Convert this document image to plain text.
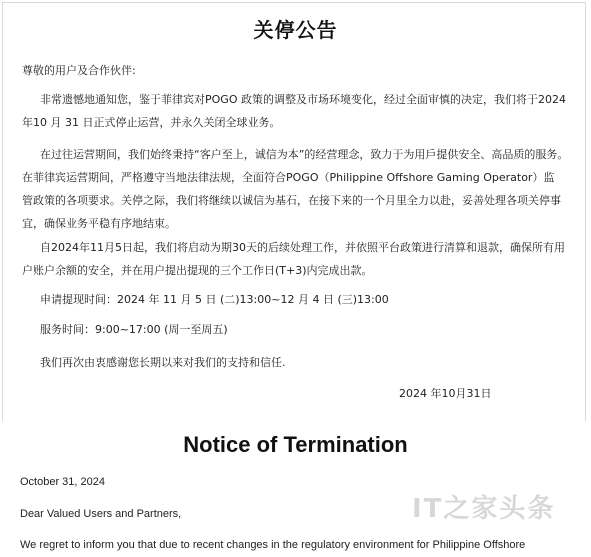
关停公告
尊敬的用户及合作伙伴:
非常遗憾地通知您，鉴于菲律宾对POGO 政策的调整及市场环境变化，经过全面审慎的决定，我们将于2024
年10 月 31 日正式停止运营，并永久关闭全球业务。
在过往运营期间，我们始终秉持“客户至上，诚信为本”的经营理念，致力于为用戶提供安全、高品质的服务。
在菲律宾运营期间，严格遵守当地法律法规，全面符合POGO（Philippine Offshore Gaming Operator）监
管政策的各项要求。关停之际，我们将继续以诚信为基石，在接下来的一个月里全力以赴，妥善处理各项关停事
宜，确保业务平稳有序地结束。
自2024年11月5日起，我们将启动为期30天的后续处理工作，并依照平台政策进行清算和退款，确保所有用
户账户余额的安全，并在用户提出提现的三个工作日(T+3)内完成出款。
申请提现时间：2024 年 11 月 5 日 (二)13:00~12 月 4 日 (三)13:00
服务时间：9:00~17:00 (周一至周五)
我们再次由衷感谢您长期以来对我们的支持和信任.
2024 年10月31日
Notice of Termination
October 31, 2024
Dear Valued Users and Partners,
We regret to inform you that due to recent changes in the regulatory environment for Philippine Offshore
IT之家头条
